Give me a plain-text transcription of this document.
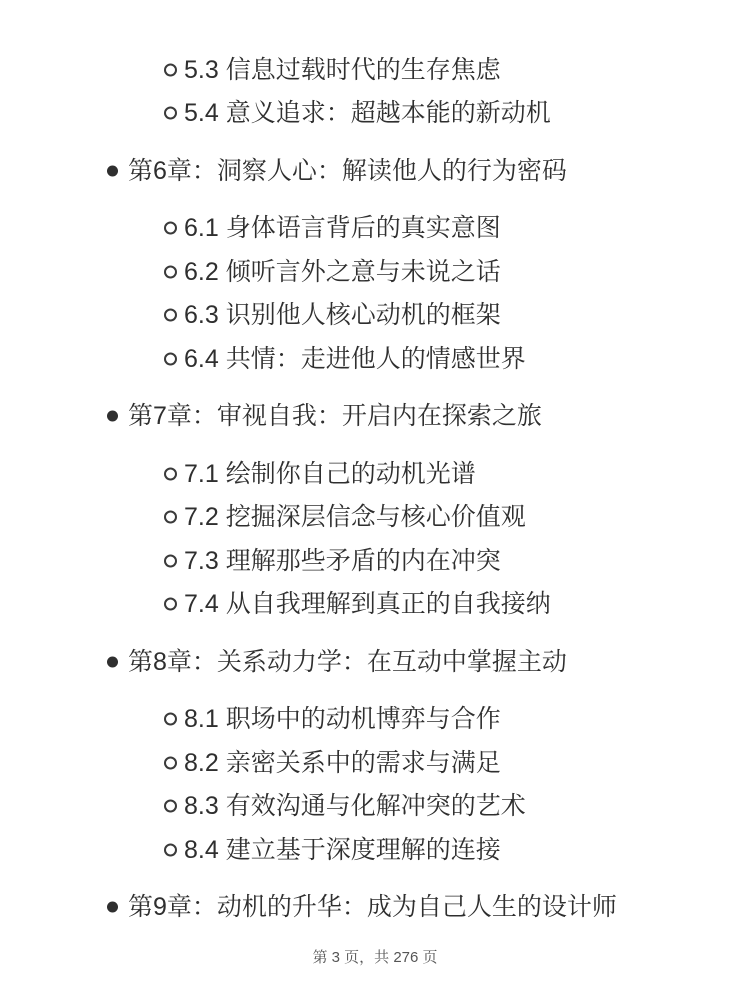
5.3 信息过载时代的生存焦虑
5.4 意义追求：超越本能的新动机
第6章：洞察人心：解读他人的行为密码
6.1 身体语言背后的真实意图
6.2 倾听言外之意与未说之话
6.3 识别他人核心动机的框架
6.4 共情：走进他人的情感世界
第7章：审视自我：开启内在探索之旅
7.1 绘制你自己的动机光谱
7.2 挖掘深层信念与核心价值观
7.3 理解那些矛盾的内在冲突
7.4 从自我理解到真正的自我接纳
第8章：关系动力学：在互动中掌握主动
8.1 职场中的动机博弈与合作
8.2 亲密关系中的需求与满足
8.3 有效沟通与化解冲突的艺术
8.4 建立基于深度理解的连接
第9章：动机的升华：成为自己人生的设计师
第 3 页，共 276 页
